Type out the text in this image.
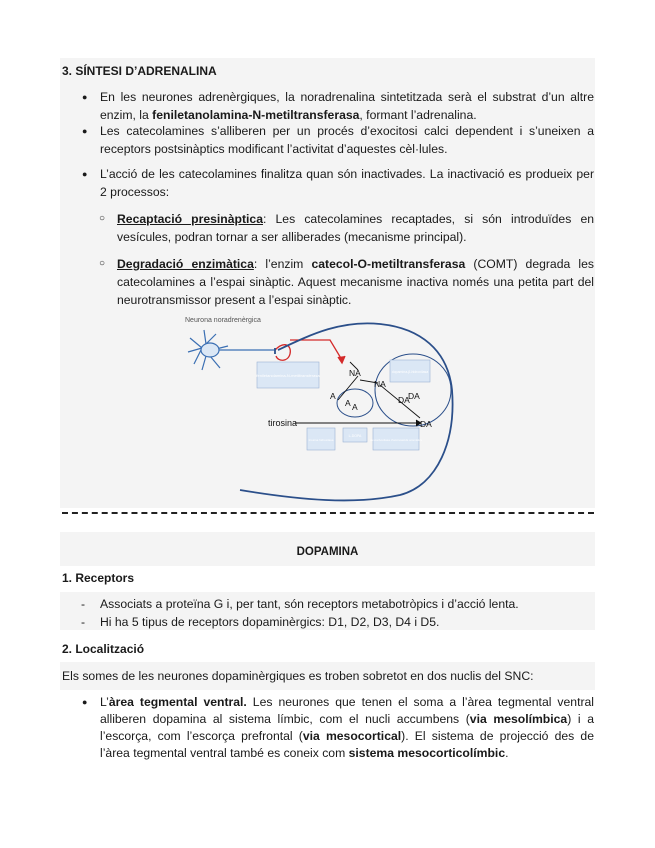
3. SÍNTESI D’ADRENALINA
● En les neurones adrenèrgiques, la noradrenalina sintetitzada serà el substrat d’un altre enzim, la feniletanolamina-N-metiltransferasa, formant l’adrenalina.
● Les catecolamines s’alliberen per un procés d’exocitosi calci dependent i s’uneixen a receptors postsinàptics modificant l’activitat d’aquestes cèl·lules.
● L’acció de les catecolamines finalitza quan són inactivades. La inactivació es produeix per 2 processos:
○ Recaptació presinàptica: Les catecolamines recaptades, si són introduïdes en vesícules, podran tornar a ser alliberades (mecanisme principal).
○ Degradació enzimàtica: l’enzim catecol-O-metiltransferasa (COMT) degrada les catecolamines a l’espai sinàptic. Aquest mecanisme inactiva només una petita part del neurotransmissor present a l’espai sinàptic.
Neurona noradrenèrgica
feniletanolamina-N-metiltransferasa
dopamina-β-hidroxilasa
tirosina hidroxilasa
L-DOPA
descarboxilasa d’aminoàcids aromàtics
NA
NA
DA
DA
DA
A
A A
tirosina
DOPAMINA
1. Receptors
- Associats a proteïna G i, per tant, són receptors metabotròpics i d’acció lenta.
- Hi ha 5 tipus de receptors dopaminèrgics: D1, D2, D3, D4 i D5.
2. Localització
Els somes de les neurones dopaminèrgiques es troben sobretot en dos nuclis del SNC:
● L’àrea tegmental ventral. Les neurones que tenen el soma a l’àrea tegmental ventral alliberen dopamina al sistema límbic, com el nucli accumbens (via mesolímbica) i a l’escorça, com l’escorça prefrontal (via mesocortical). El sistema de projecció des de l’àrea tegmental ventral també es coneix com sistema mesocorticolímbic.
